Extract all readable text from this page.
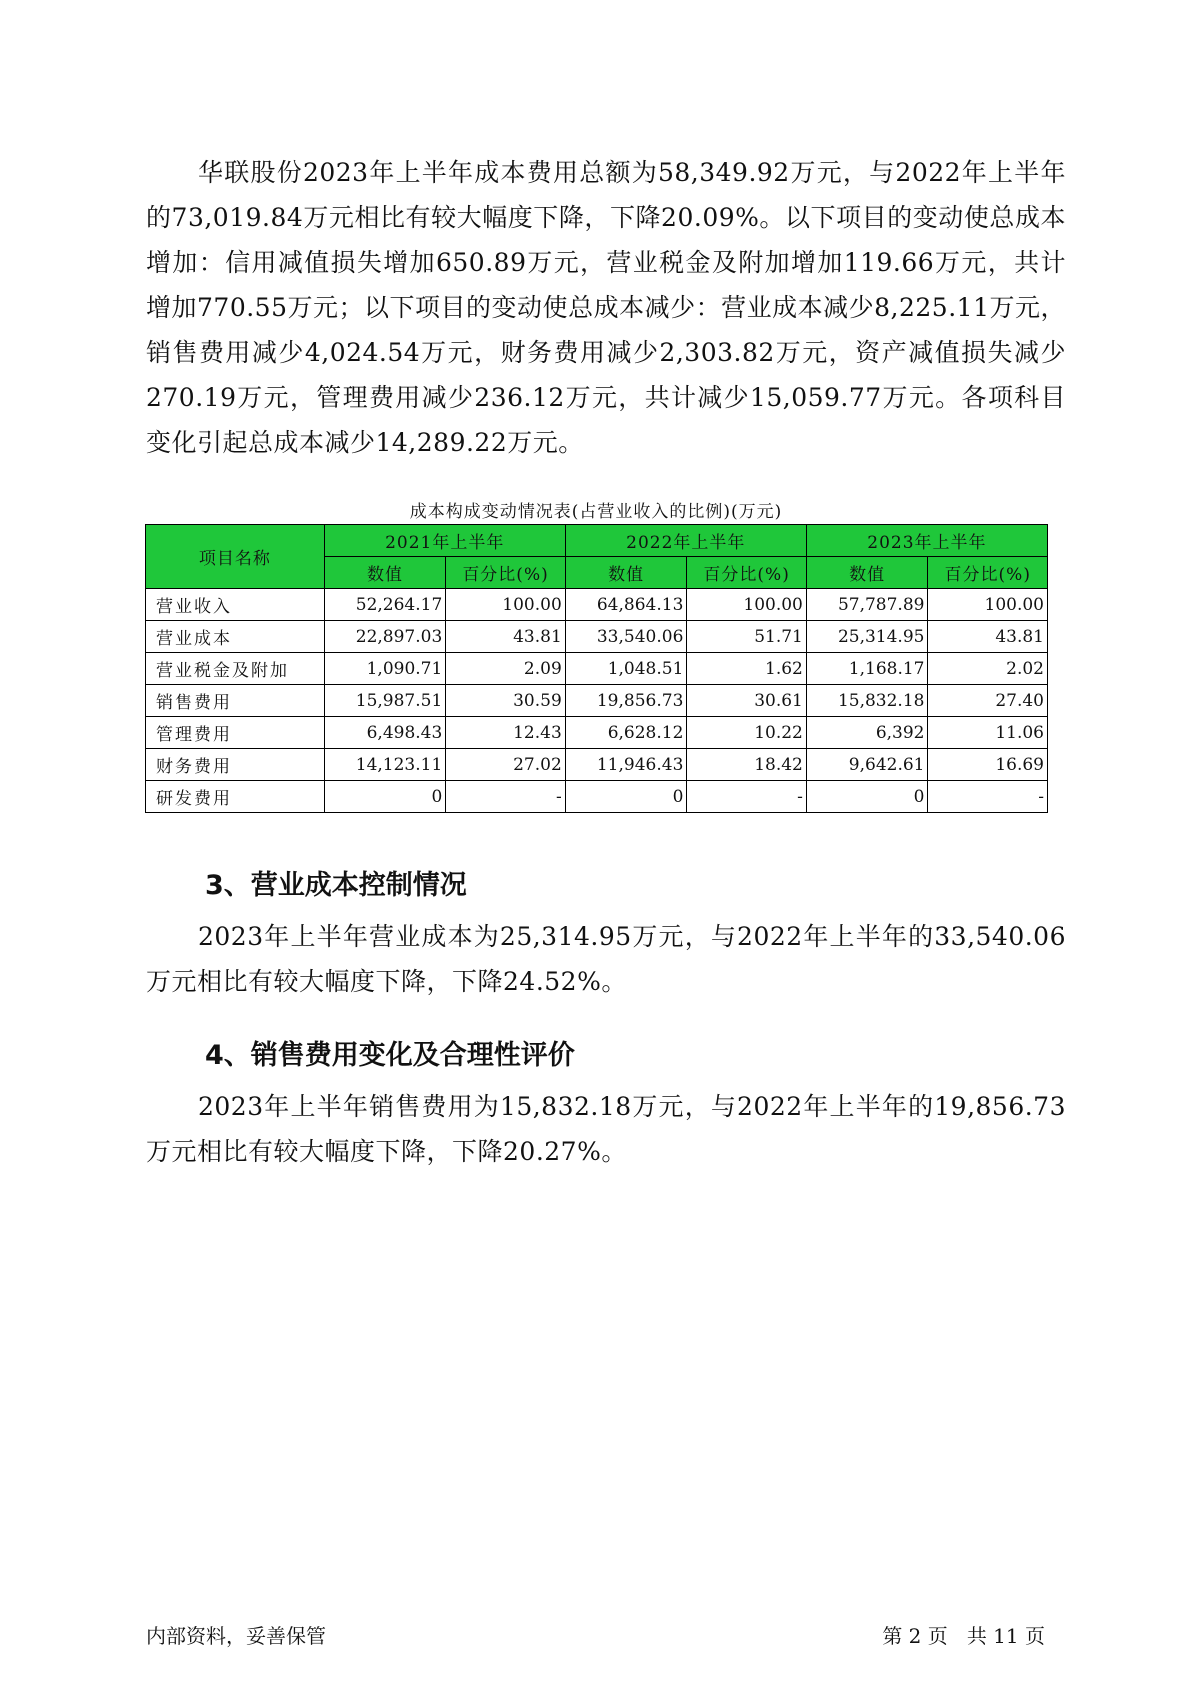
华联股份2023年上半年成本费用总额为58,349.92万元，与2022年上半年的73,019.84万元相比有较大幅度下降，下降20.09%。以下项目的变动使总成本增加：信用减值损失增加650.89万元，营业税金及附加增加119.66万元，共计增加770.55万元；以下项目的变动使总成本减少：营业成本减少8,225.11万元，销售费用减少4,024.54万元，财务费用减少2,303.82万元，资产减值损失减少270.19万元，管理费用减少236.12万元，共计减少15,059.77万元。各项科目变化引起总成本减少14,289.22万元。

成本构成变动情况表(占营业收入的比例)(万元)
项目名称	2021年上半年		2022年上半年		2023年上半年	
	数值	百分比(%)	数值	百分比(%)	数值	百分比(%)
营业收入	52,264.17	100.00	64,864.13	100.00	57,787.89	100.00
营业成本	22,897.03	43.81	33,540.06	51.71	25,314.95	43.81
营业税金及附加	1,090.71	2.09	1,048.51	1.62	1,168.17	2.02
销售费用	15,987.51	30.59	19,856.73	30.61	15,832.18	27.40
管理费用	6,498.43	12.43	6,628.12	10.22	6,392	11.06
财务费用	14,123.11	27.02	11,946.43	18.42	9,642.61	16.69
研发费用	0	-	0	-	0	-
3、营业成本控制情况

2023年上半年营业成本为25,314.95万元，与2022年上半年的33,540.06万元相比有较大幅度下降，下降24.52%。

4、销售费用变化及合理性评价

2023年上半年销售费用为15,832.18万元，与2022年上半年的19,856.73万元相比有较大幅度下降，下降20.27%。

内部资料，妥善保管	第 2 页   共 11 页
